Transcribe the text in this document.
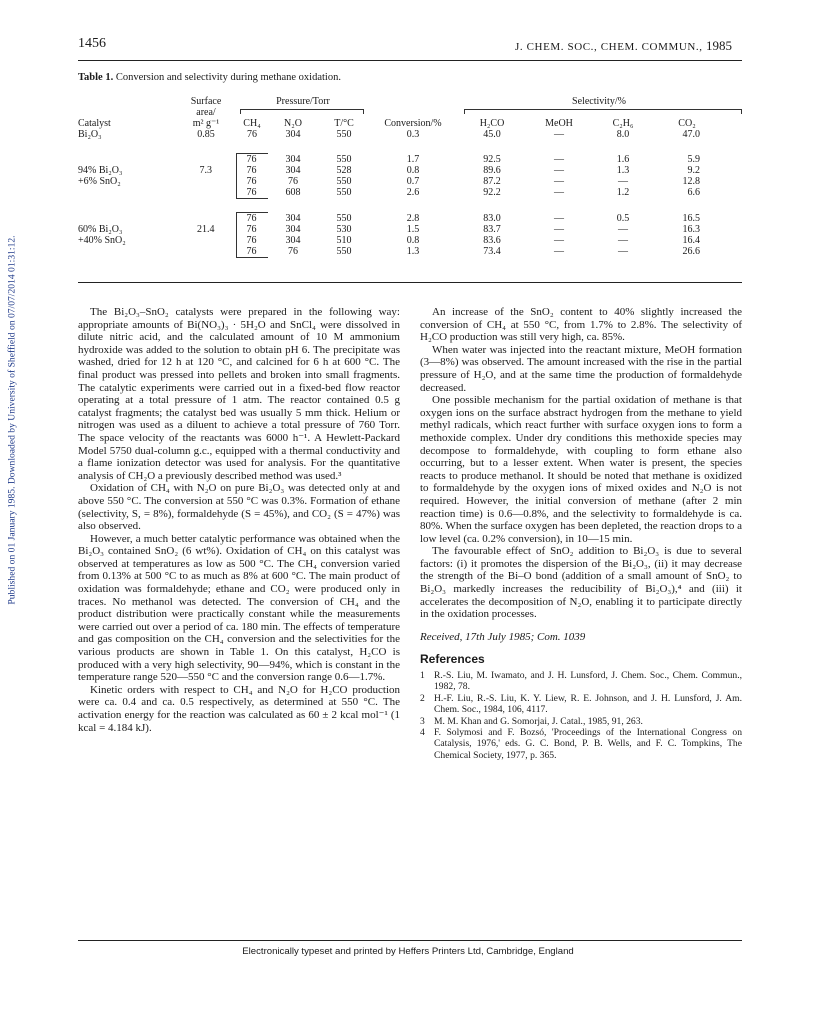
Published on 01 January 1985. Downloaded by University of Sheffield on 07/07/2014 01:31:12.
1456	J. CHEM. SOC., CHEM. COMMUN., 1985
Table 1. Conversion and selectivity during methane oxidation.
	Surface	Pressure/Torr				Selectivity/%				
	area/							

Catalyst	m² g⁻¹	CH₄	N₂O	T/°C	Conversion/%	H₂CO	MeOH	C₂H₆	CO₂	
Bi₂O₃	0.85	76	304	550	0.3	45.0	—	8.0	47.0	

		76	304	550	1.7	92.5	—	1.6	5.9	
94% Bi₂O₃	7.3	76	304	528	0.8	89.6	—	1.3	9.2	
+6% SnO₂		76	76	550	0.7	87.2	—	—	12.8	
		76	608	550	2.6	92.2	—	1.2	6.6	

		76	304	550	2.8	83.0	—	0.5	16.5	
60% Bi₂O₃	21.4	76	304	530	1.5	83.7	—	—	16.3	
+40% SnO₂		76	304	510	0.8	83.6	—	—	16.4	
		76	76	550	1.3	73.4	—	—	26.6	

The Bi₂O₃–SnO₂ catalysts were prepared in the following way: appropriate amounts of Bi(NO₃)₃ · 5H₂O and SnCl₄ were dissolved in dilute nitric acid, and the calculated amount of 10 M ammonium hydroxide was added to the solution to obtain pH 6. The precipitate was washed, dried for 12 h at 120 °C, and calcined for 6 h at 600 °C. The final product was pressed into pellets and broken into small fragments. The catalytic experiments were carried out in a fixed-bed flow reactor operating at a total pressure of 1 atm. The reactor contained 0.5 g catalyst fragments; the catalyst bed was usually 5 mm thick. Helium or nitrogen was used as a diluent to achieve a total pressure of 760 Torr. The space velocity of the reactants was 6000 h⁻¹. A Hewlett-Packard Model 5750 dual-column g.c., equipped with a thermal conductivity and a flame ionization detector was used for analysis. For the quantitative analysis of CH₂O a previously described method was used.³

Oxidation of CH₄ with N₂O on pure Bi₂O₃ was detected only at and above 550 °C. The conversion at 550 °C was 0.3%. Formation of ethane (selectivity, S, = 8%), formaldehyde (S = 45%), and CO₂ (S = 47%) was also observed.

However, a much better catalytic performance was obtained when the Bi₂O₃ contained SnO₂ (6 wt%). Oxidation of CH₄ on this catalyst was observed at temperatures as low as 500 °C. The CH₄ conversion varied from 0.13% at 500 °C to as much as 8% at 600 °C. The main product of oxidation was formaldehyde; ethane and CO₂ were produced only in traces. No methanol was detected. The conversion of CH₄ and the product distribution were practically constant while the measurements were carried out over a period of ca. 180 min. The effects of temperature and gas composition on the CH₄ conversion and the selectivities for the various products are shown in Table 1. On this catalyst, H₂CO is produced with a very high selectivity, 90—94%, which is constant in the temperature range 520—550 °C and the conversion range 0.6—1.7%.

Kinetic orders with respect to CH₄ and N₂O for H₂CO production were ca. 0.4 and ca. 0.5 respectively, as determined at 550 °C. The activation energy for the reaction was calculated as 60 ± 2 kcal mol⁻¹ (1 kcal = 4.184 kJ).

An increase of the SnO₂ content to 40% slightly increased the conversion of CH₄ at 550 °C, from 1.7% to 2.8%. The selectivity of H₂CO production was still very high, ca. 85%.

When water was injected into the reactant mixture, MeOH formation (3—8%) was observed. The amount increased with the rise in the partial pressure of H₂O, and at the same time the production of formaldehyde decreased.

One possible mechanism for the partial oxidation of methane is that oxygen ions on the surface abstract hydrogen from the methane to yield methyl radicals, which react further with surface oxygen ions to form a methoxide complex. Under dry conditions this methoxide species may decompose to formaldehyde, with coupling to form ethane also occurring, but to a lesser extent. When water is present, the species reacts to produce methanol. It should be noted that methane is oxidized to formaldehyde by the oxygen ions of mixed oxides and N₂O is not required. However, the initial conversion of methane (after 2 min reaction time) is 0.6—0.8%, and the selectivity to formaldehyde is ca. 80%. When the surface oxygen has been depleted, the reaction drops to a low level (ca. 0.2% conversion), in 10—15 min.

The favourable effect of SnO₂ addition to Bi₂O₃ is due to several factors: (i) it promotes the dispersion of the Bi₂O₃, (ii) it may decrease the strength of the Bi–O bond (addition of a small amount of SnO₂ to Bi₂O₃ markedly increases the reducibility of Bi₂O₃),⁴ and (iii) it accelerates the decomposition of N₂O, enabling it to participate directly in the oxidation processes.

Received, 17th July 1985; Com. 1039

References
1 R.-S. Liu, M. Iwamato, and J. H. Lunsford, J. Chem. Soc., Chem. Commun., 1982, 78.
2 H.-F. Liu, R.-S. Liu, K. Y. Liew, R. E. Johnson, and J. H. Lunsford, J. Am. Chem. Soc., 1984, 106, 4117.
3 M. M. Khan and G. Somorjai, J. Catal., 1985, 91, 263.
4 F. Solymosi and F. Bozsó, 'Proceedings of the International Congress on Catalysis, 1976,' eds. G. C. Bond, P. B. Wells, and F. C. Tompkins, The Chemical Society, 1977, p. 365.
Electronically typeset and printed by Heffers Printers Ltd, Cambridge, England
